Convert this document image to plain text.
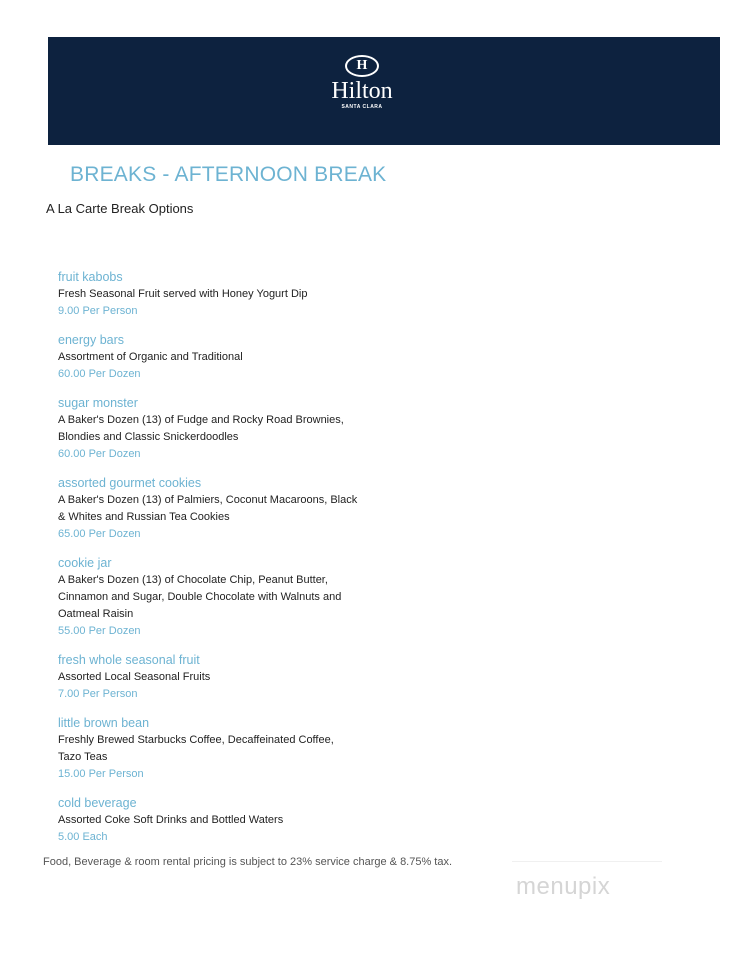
H
Hilton
SANTA CLARA
BREAKS - AFTERNOON BREAK
A La Carte Break Options
fruit kabobs
Fresh Seasonal Fruit served with Honey Yogurt Dip
9.00 Per Person
energy bars
Assortment of Organic and Traditional
60.00 Per Dozen
sugar monster
A Baker's Dozen (13) of Fudge and Rocky Road Brownies,
Blondies and Classic Snickerdoodles
60.00 Per Dozen
assorted gourmet cookies
A Baker's Dozen (13) of Palmiers, Coconut Macaroons, Black
& Whites and Russian Tea Cookies
65.00 Per Dozen
cookie jar
A Baker's Dozen (13) of Chocolate Chip, Peanut Butter,
Cinnamon and Sugar, Double Chocolate with Walnuts and
Oatmeal Raisin
55.00 Per Dozen
fresh whole seasonal fruit
Assorted Local Seasonal Fruits
7.00 Per Person
little brown bean
Freshly Brewed Starbucks Coffee, Decaffeinated Coffee,
Tazo Teas
15.00 Per Person
cold beverage
Assorted Coke Soft Drinks and Bottled Waters
5.00 Each
Food, Beverage & room rental pricing is subject to 23% service charge & 8.75% tax.
menupix
